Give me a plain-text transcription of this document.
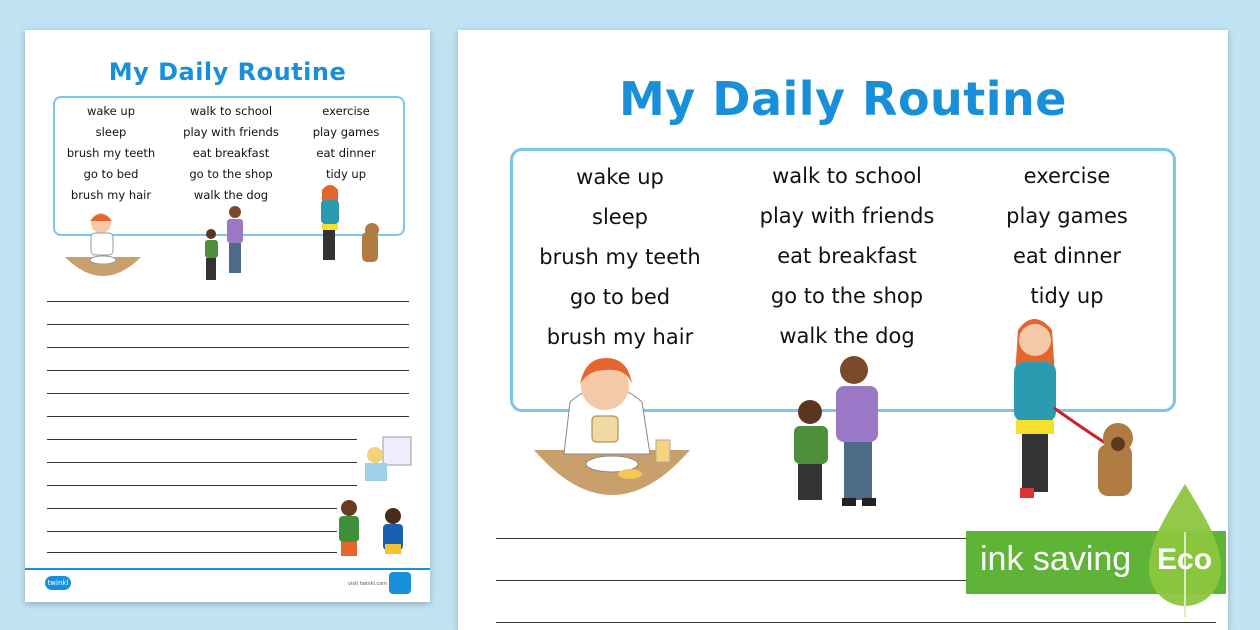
My Daily Routine
wake up
sleep
brush my teeth
go to bed
brush my hair
walk to school
play with friends
eat breakfast
go to the shop
walk the dog
exercise
play games
eat dinner
tidy up
twinkl	visit twinkl.com
My Daily Routine
wake up
sleep
brush my teeth
go to bed
brush my hair
walk to school
play with friends
eat breakfast
go to the shop
walk the dog
exercise
play games
eat dinner
tidy up
ink saving Eco
